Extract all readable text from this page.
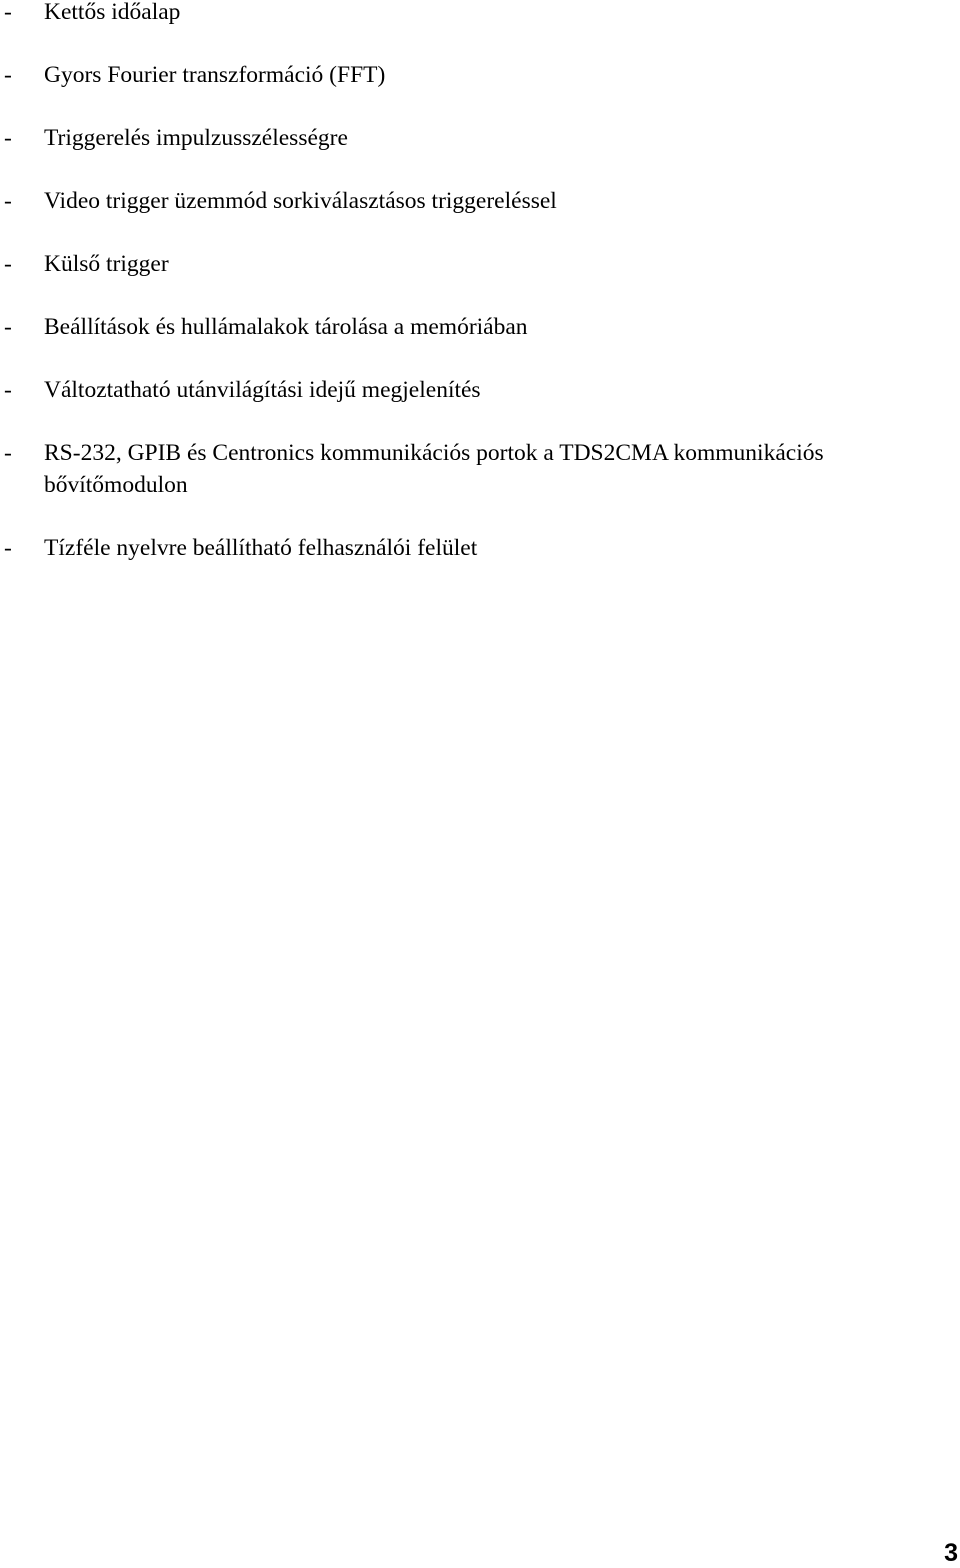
- Kettős időalap
- Gyors Fourier transzformáció (FFT)
- Triggerelés impulzusszélességre
- Video trigger üzemmód sorkiválasztásos triggereléssel
- Külső trigger
- Beállítások és hullámalakok tárolása a memóriában
- Változtatható utánvilágítási idejű megjelenítés
- RS-232, GPIB és Centronics kommunikációs portok a TDS2CMA kommunikációs bővítőmodulon
- Tízféle nyelvre beállítható felhasználói felület
3
